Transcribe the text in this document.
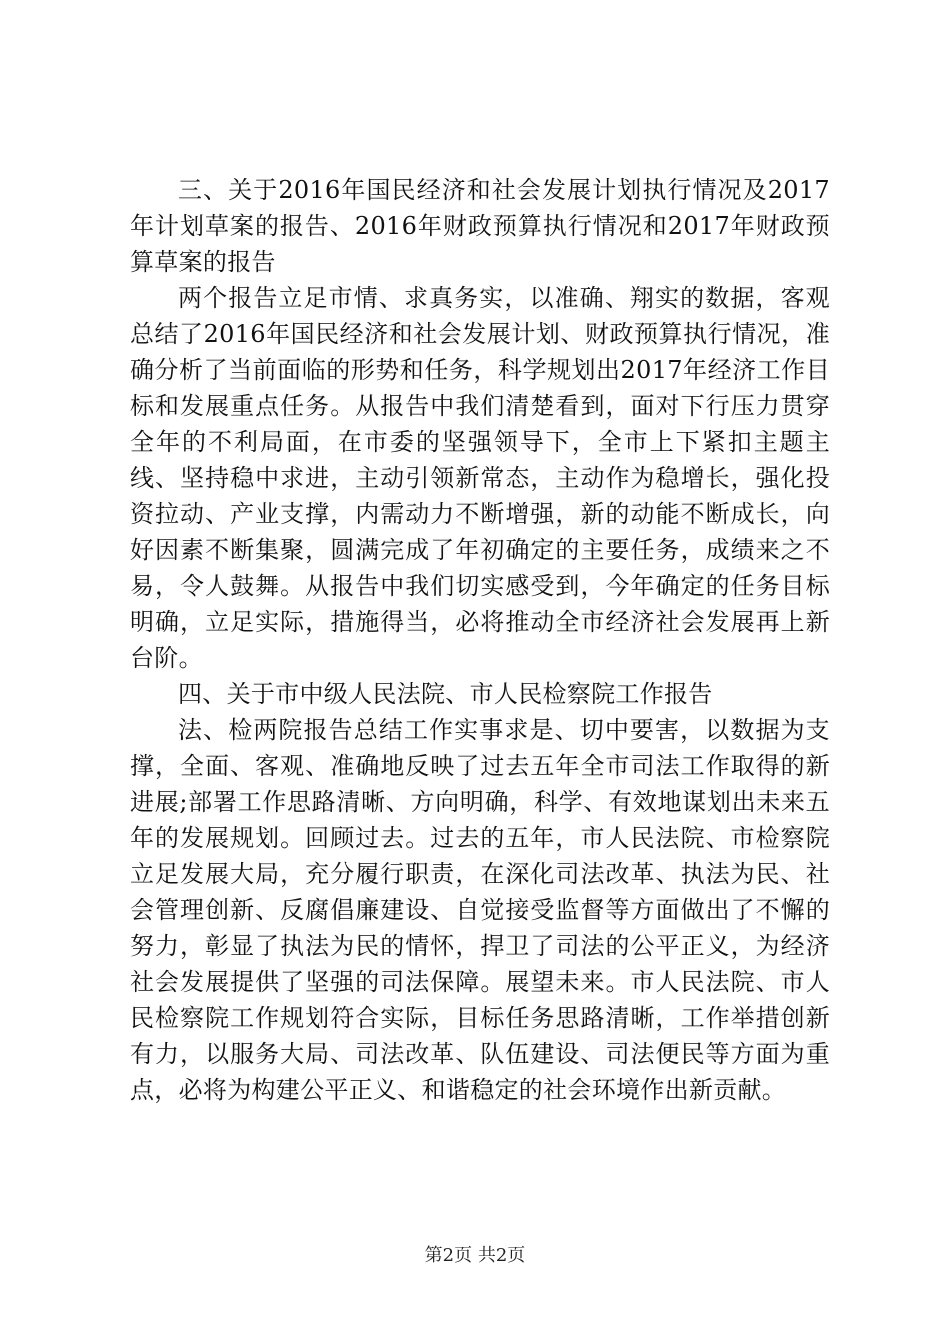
三、关于2016年国民经济和社会发展计划执行情况及2017年计划草案的报告、2016年财政预算执行情况和2017年财政预算草案的报告

两个报告立足市情、求真务实，以准确、翔实的数据，客观总结了2016年国民经济和社会发展计划、财政预算执行情况，准确分析了当前面临的形势和任务，科学规划出2017年经济工作目标和发展重点任务。从报告中我们清楚看到，面对下行压力贯穿全年的不利局面，在市委的坚强领导下，全市上下紧扣主题主线、坚持稳中求进，主动引领新常态，主动作为稳增长，强化投资拉动、产业支撑，内需动力不断增强，新的动能不断成长，向好因素不断集聚，圆满完成了年初确定的主要任务，成绩来之不易，令人鼓舞。从报告中我们切实感受到，今年确定的任务目标明确，立足实际，措施得当，必将推动全市经济社会发展再上新台阶。

四、关于市中级人民法院、市人民检察院工作报告

法、检两院报告总结工作实事求是、切中要害，以数据为支撑，全面、客观、准确地反映了过去五年全市司法工作取得的新进展;部署工作思路清晰、方向明确，科学、有效地谋划出未来五年的发展规划。回顾过去。过去的五年，市人民法院、市检察院立足发展大局，充分履行职责，在深化司法改革、执法为民、社会管理创新、反腐倡廉建设、自觉接受监督等方面做出了不懈的努力，彰显了执法为民的情怀，捍卫了司法的公平正义，为经济社会发展提供了坚强的司法保障。展望未来。市人民法院、市人民检察院工作规划符合实际，目标任务思路清晰，工作举措创新有力，以服务大局、司法改革、队伍建设、司法便民等方面为重点，必将为构建公平正义、和谐稳定的社会环境作出新贡献。

第2页 共2页
